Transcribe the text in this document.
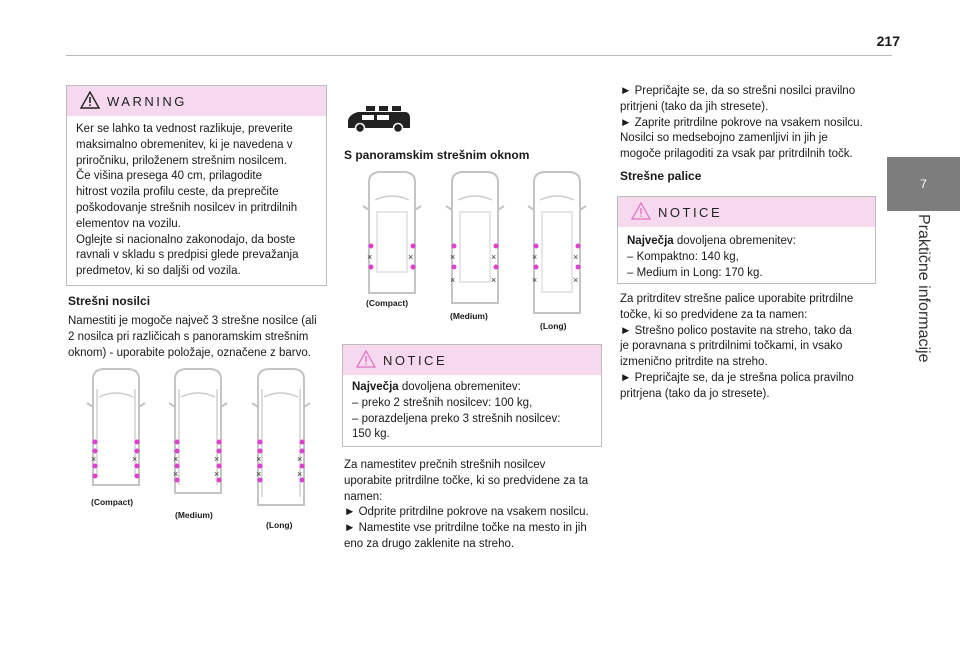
217
7
Praktične informacije
WARNING
Ker se lahko ta vednost razlikuje, preverite
maksimalno obremenitev, ki je navedena v
priročniku, priloženem strešnim nosilcem.
Če višina presega 40 cm, prilagodite
hitrost vozila profilu ceste, da preprečite
poškodovanje strešnih nosilcev in pritrdilnih
elementov na vozilu.
Oglejte si nacionalno zakonodajo, da boste
ravnali v skladu s predpisi glede prevažanja
predmetov, ki so daljši od vozila.
Strešni nosilci
Namestiti je mogoče največ 3 strešne nosilce (ali
2 nosilca pri različicah s panoramskim strešnim
oknom) - uporabite položaje, označene z barvo.
×	×
(Compact)
×	×
×	×
(Medium)
×	×
×	×
(Long)
S panoramskim strešnim oknom
×	×
(Compact)
×	×
×	×
(Medium)
×	×
×	×
(Long)
NOTICE
Največja dovoljena obremenitev:
– preko 2 strešnih nosilcev: 100 kg,
– porazdeljena preko 3 strešnih nosilcev:
150 kg.
Za namestitev prečnih strešnih nosilcev
uporabite pritrdilne točke, ki so predvidene za ta
namen:
► Odprite pritrdilne pokrove na vsakem nosilcu.
► Namestite vse pritrdilne točke na mesto in jih
eno za drugo zaklenite na streho.
► Prepričajte se, da so strešni nosilci pravilno
pritrjeni (tako da jih stresete).
► Zaprite pritrdilne pokrove na vsakem nosilcu.
Nosilci so medsebojno zamenljivi in jih je
mogoče prilagoditi za vsak par pritrdilnih točk.
Strešne palice
NOTICE
Največja dovoljena obremenitev:
– Kompaktno: 140 kg,
– Medium in Long: 170 kg.
Za pritrditev strešne palice uporabite pritrdilne
točke, ki so predvidene za ta namen:
► Strešno polico postavite na streho, tako da
je poravnana s pritrdilnimi točkami, in vsako
izmenično pritrdite na streho.
► Prepričajte se, da je strešna polica pravilno
pritrjena (tako da jo stresete).
